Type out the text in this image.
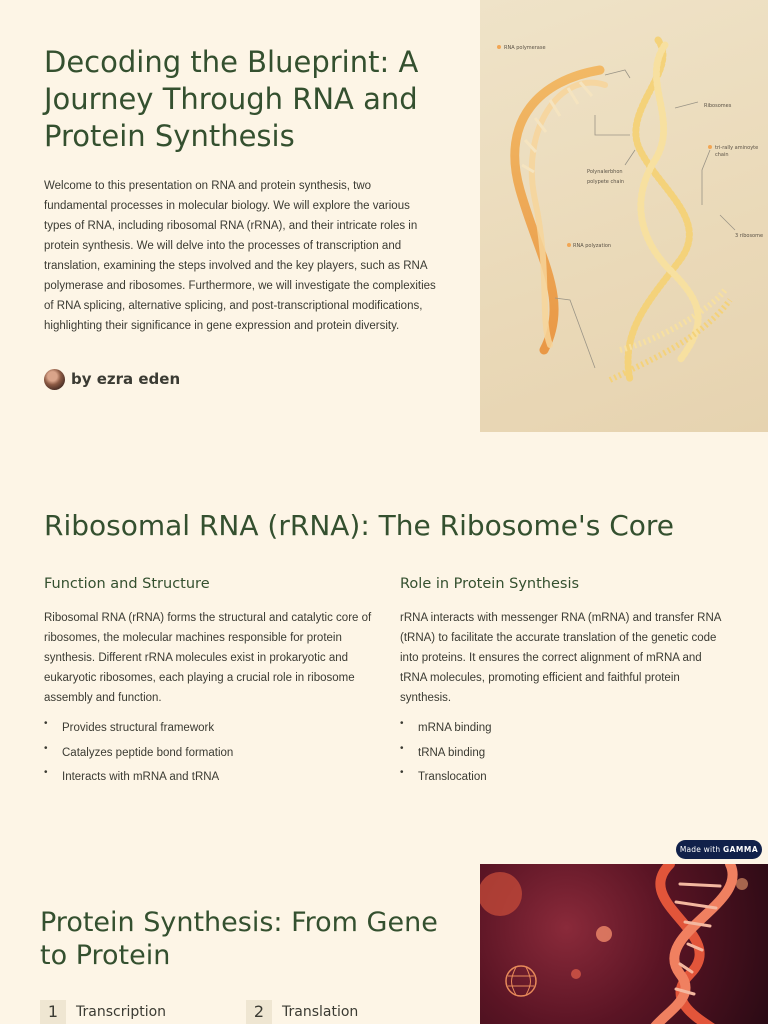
Decoding the Blueprint: A Journey Through RNA and Protein Synthesis

Welcome to this presentation on RNA and protein synthesis, two fundamental processes in molecular biology. We will explore the various types of RNA, including ribosomal RNA (rRNA), and their intricate roles in protein synthesis. We will delve into the processes of transcription and translation, examining the steps involved and the key players, such as RNA polymerase and ribosomes. Furthermore, we will investigate the complexities of RNA splicing, alternative splicing, and post-transcriptional modifications, highlighting their significance in gene expression and protein diversity.

by ezra eden
RNA polymerase
Ribosomes
tri-rally aminoyte
chain
Polynalerbhon
polypete chain
3 ribosome
RNA polyzation
Ribosomal RNA (rRNA): The Ribosome's Core
Function and Structure

Ribosomal RNA (rRNA) forms the structural and catalytic core of ribosomes, the molecular machines responsible for protein synthesis. Different rRNA molecules exist in prokaryotic and eukaryotic ribosomes, each playing a crucial role in ribosome assembly and function.

• Provides structural framework
• Catalyzes peptide bond formation
• Interacts with mRNA and tRNA
Role in Protein Synthesis

rRNA interacts with messenger RNA (mRNA) and transfer RNA (tRNA) to facilitate the accurate translation of the genetic code into proteins. It ensures the correct alignment of mRNA and tRNA molecules, promoting efficient and faithful protein synthesis.

• mRNA binding
• tRNA binding
• Translocation
Made with GAMMA
Protein Synthesis: From Gene to Protein
1	Transcription	2	Translation
